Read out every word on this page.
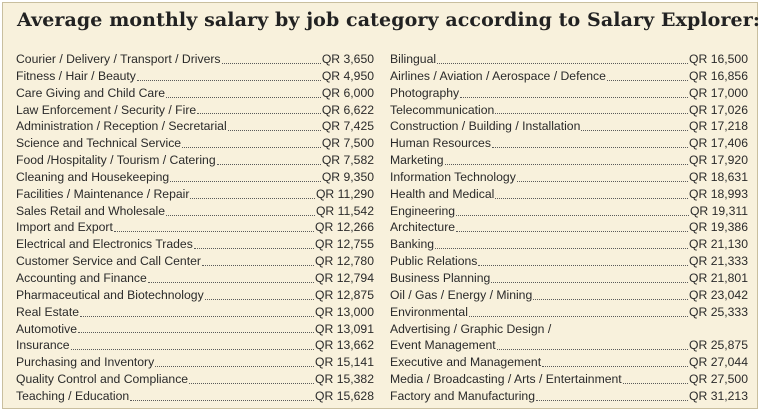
Average monthly salary by job category according to Salary Explorer:
Courier / Delivery / Transport / Drivers	QR 3,650
Fitness / Hair / Beauty	QR 4,950
Care Giving and Child Care	QR 6,000
Law Enforcement / Security / Fire	QR 6,622
Administration / Reception / Secretarial	QR 7,425
Science and Technical Service	QR 7,500
Food /Hospitality / Tourism / Catering	QR 7,582
Cleaning and Housekeeping	QR 9,350
Facilities / Maintenance / Repair	QR 11,290
Sales Retail and Wholesale	QR 11,542
Import and Export	QR 12,266
Electrical and Electronics Trades	QR 12,755
Customer Service and Call Center	QR 12,780
Accounting and Finance	QR 12,794
Pharmaceutical and Biotechnology	QR 12,875
Real Estate	QR 13,000
Automotive	QR 13,091
Insurance	QR 13,662
Purchasing and Inventory	QR 15,141
Quality Control and Compliance	QR 15,382
Teaching / Education	QR 15,628
Bilingual	QR 16,500
Airlines / Aviation / Aerospace / Defence	QR 16,856
Photography	QR 17,000
Telecommunication	QR 17,026
Construction / Building / Installation	QR 17,218
Human Resources	QR 17,406
Marketing	QR 17,920
Information Technology	QR 18,631
Health and Medical	QR 18,993
Engineering	QR 19,311
Architecture	QR 19,386
Banking	QR 21,130
Public Relations	QR 21,333
Business Planning	QR 21,801
Oil / Gas / Energy / Mining	QR 23,042
Environmental	QR 25,333
Advertising / Graphic Design /
Event Management	QR 25,875
Executive and Management	QR 27,044
Media / Broadcasting / Arts / Entertainment	QR 27,500
Factory and Manufacturing	QR 31,213
